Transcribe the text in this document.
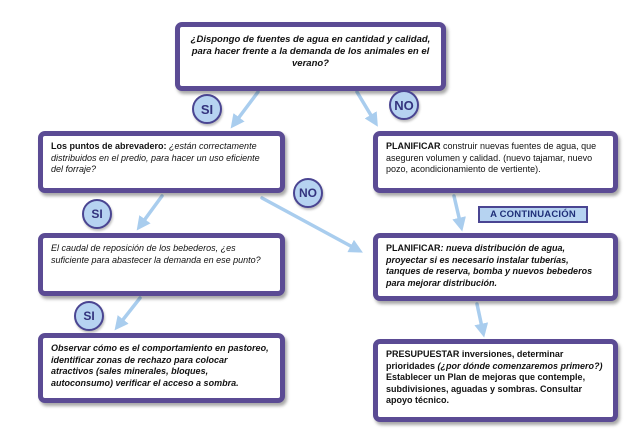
¿Dispongo de fuentes de agua en cantidad y calidad, para hacer frente a la demanda de los animales en el verano?
SI
SI
SI
NO
NO
Los puntos de abrevadero: ¿están correctamente distribuidos en el predio, para hacer un uso eficiente del forraje?
El caudal de reposición de los bebederos, ¿es suficiente para abastecer la demanda en ese punto?
Observar cómo es el comportamiento en pastoreo, identificar zonas de rechazo para colocar atractivos (sales minerales, bloques, autoconsumo) verificar el acceso a sombra.
PLANIFICAR construir nuevas fuentes de agua, que aseguren volumen y calidad. (nuevo tajamar, nuevo pozo, acondicionamiento de vertiente).
A CONTINUACIÓN
PLANIFICAR: nueva distribución de agua, proyectar si es necesario instalar tuberías, tanques de reserva, bomba y nuevos bebederos para mejorar distribución.
PRESUPUESTAR inversiones, determinar prioridades (¿por dónde comenzaremos primero?) Establecer un Plan de mejoras que contemple, subdivisiones, aguadas y sombras. Consultar apoyo técnico.
